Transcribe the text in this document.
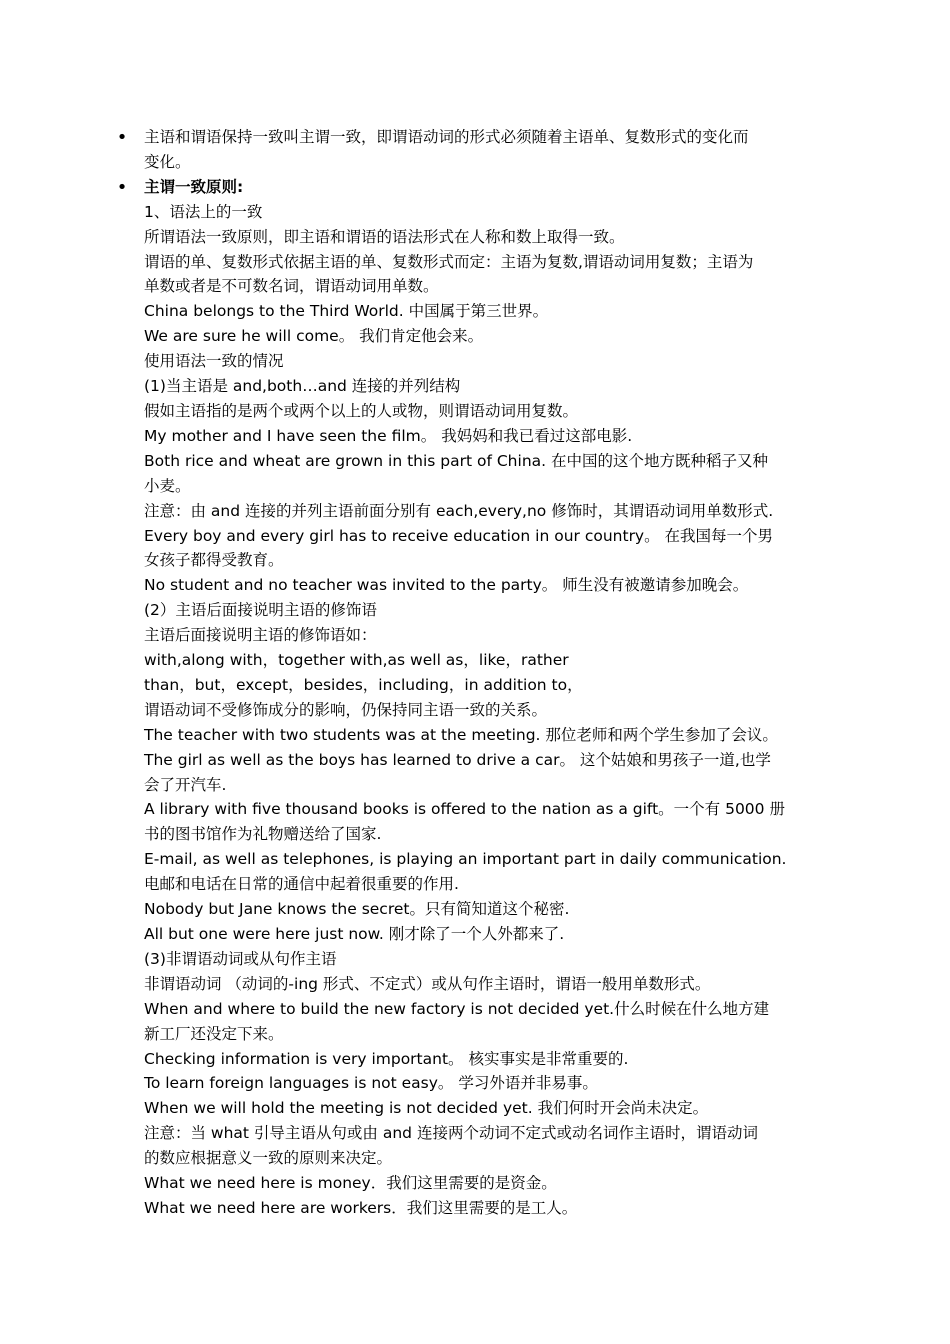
• 主语和谓语保持一致叫主谓一致，即谓语动词的形式必须随着主语单、复数形式的变化而
变化。
• 主谓一致原则:
1、语法上的一致
所谓语法一致原则，即主语和谓语的语法形式在人称和数上取得一致。
谓语的单、复数形式依据主语的单、复数形式而定：主语为复数,谓语动词用复数；主语为
单数或者是不可数名词，谓语动词用单数。
China belongs to the Third World. 中国属于第三世界。
We are sure he will come。 我们肯定他会来。
使用语法一致的情况
(1)当主语是 and,both…and 连接的并列结构
假如主语指的是两个或两个以上的人或物，则谓语动词用复数。
My mother and I have seen the film。 我妈妈和我已看过这部电影.
Both rice and wheat are grown in this part of China. 在中国的这个地方既种稻子又种
小麦。
注意：由 and 连接的并列主语前面分别有 each,every,no 修饰时，其谓语动词用单数形式.
Every boy and every girl has to receive education in our country。 在我国每一个男
女孩子都得受教育。
No student and no teacher was invited to the party。 师生没有被邀请参加晚会。
(2）主语后面接说明主语的修饰语
主语后面接说明主语的修饰语如：
with,along with，together with,as well as，like，rather
than，but，except，besides，including，in addition to，
谓语动词不受修饰成分的影响，仍保持同主语一致的关系。
The teacher with two students was at the meeting. 那位老师和两个学生参加了会议。
The girl as well as the boys has learned to drive a car。 这个姑娘和男孩子一道,也学
会了开汽车.
A library with five thousand books is offered to the nation as a gift。一个有 5000 册
书的图书馆作为礼物赠送给了国家.
E-mail, as well as telephones, is playing an important part in daily communication.
电邮和电话在日常的通信中起着很重要的作用.
Nobody but Jane knows the secret。只有简知道这个秘密.
All but one were here just now. 刚才除了一个人外都来了.
(3)非谓语动词或从句作主语
非谓语动词 （动词的-ing 形式、不定式）或从句作主语时，谓语一般用单数形式。
When and where to build the new factory is not decided yet.什么时候在什么地方建
新工厂还没定下来。
Checking information is very important。 核实事实是非常重要的.
To learn foreign languages is not easy。 学习外语并非易事。
When we will hold the meeting is not decided yet. 我们何时开会尚未决定。
注意：当 what 引导主语从句或由 and 连接两个动词不定式或动名词作主语时，谓语动词
的数应根据意义一致的原则来决定。
What we need here is money．我们这里需要的是资金。
What we need here are workers．我们这里需要的是工人。
